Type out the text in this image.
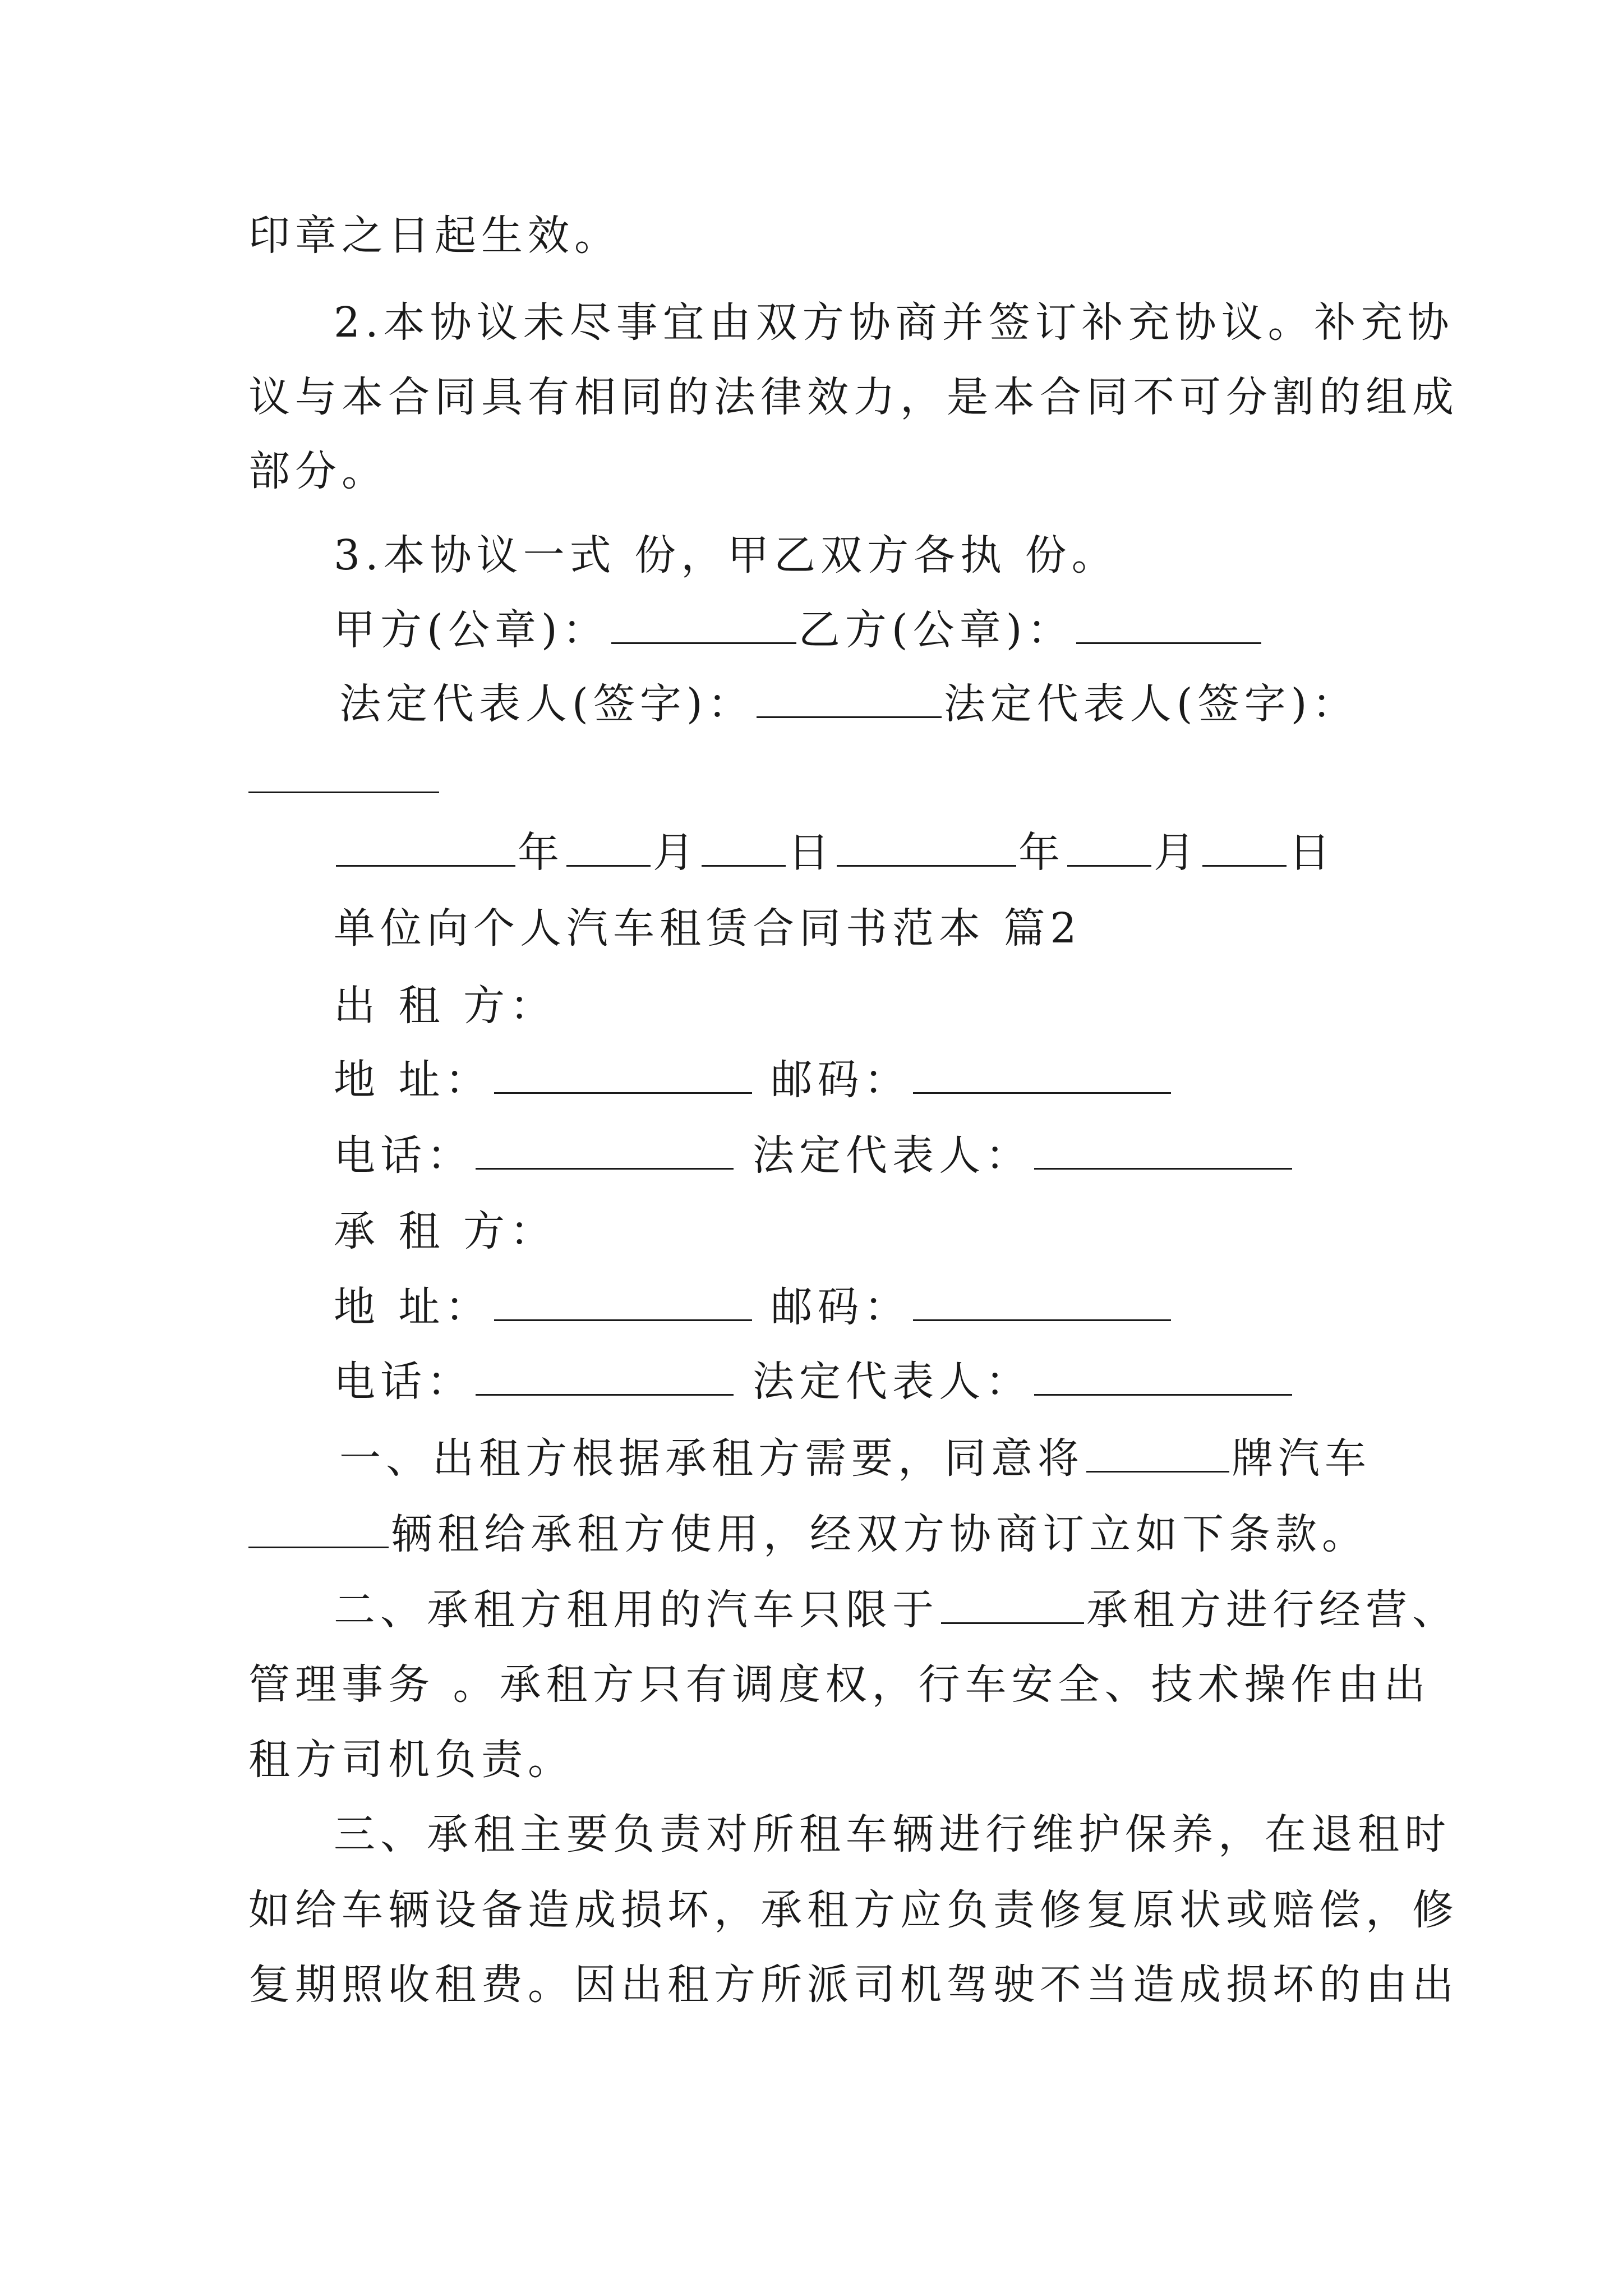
印章之日起生效。
2.本协议未尽事宜由双方协商并签订补充协议。补充协
议与本合同具有相同的法律效力，是本合同不可分割的组成
部分。
3.本协议一式 份，甲乙双方各执 份。
甲方(公章)：	乙方(公章)：
法定代表人(签字)：	法定代表人(签字)：
年 月 日	年 月 日
单位向个人汽车租赁合同书范本 篇2
出 租 方：
地 址：	邮码：
电话：	法定代表人：
承 租 方：
地 址：	邮码：
电话：	法定代表人：
一、出租方根据承租方需要，同意将	牌汽车
辆租给承租方使用，经双方协商订立如下条款。
二、承租方租用的汽车只限于	承租方进行经营、
管理事务 。承租方只有调度权，行车安全、技术操作由出
租方司机负责。
三、承租主要负责对所租车辆进行维护保养，在退租时
如给车辆设备造成损坏，承租方应负责修复原状或赔偿，修
复期照收租费。因出租方所派司机驾驶不当造成损坏的由出
